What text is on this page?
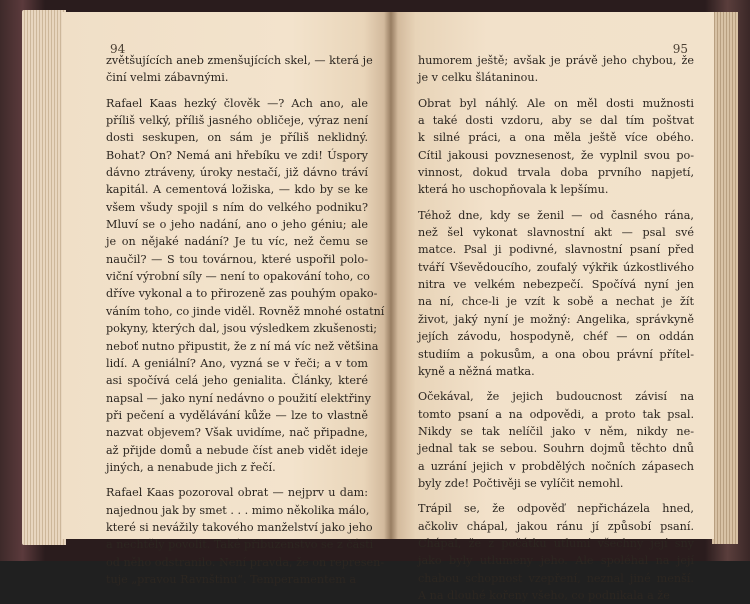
94

zvětšujících aneb zmenšujících skel, — která je
činí velmi zábavnými.

Rafael Kaas hezký člověk —? Ach ano, ale
příliš velký, příliš jasného obličeje, výraz není
dosti seskupen, on sám je příliš neklidný.
Bohat? On? Nemá ani hřebíku ve zdi! Úspory
dávno ztráveny, úroky nestačí, již dávno tráví
kapitál. A cementová ložiska, — kdo by se ke
všem všudy spojil s ním do velkého podniku?
Mluví se o jeho nadání, ano o jeho géniu; ale
je on nějaké nadání? Je tu víc, než čemu se
naučil? — S tou továrnou, které uspořil polo-
viční výrobní síly — není to opakování toho, co
dříve vykonal a to přirozeně zas pouhým opako-
váním toho, co jinde viděl. Rovněž mnohé ostatní
pokyny, kterých dal, jsou výsledkem zkušenosti;
neboť nutno připustit, že z ní má víc než většina
lidí. A geniální? Ano, vyzná se v řeči; a v tom
asi spočívá celá jeho genialita. Články, které
napsal — jako nyní nedávno o použití elektřiny
při pečení a vydělávání kůže — lze to vlastně
nazvat objevem? Však uvidíme, nač připadne,
až přijde domů a nebude číst aneb vidět ideje
jiných, a nenabude jich z řečí.

Rafael Kaas pozoroval obrat — nejprv u dam:
najednou jak by smet . . . mimo několika málo,
které si nevážily takového manželství jako jeho
a nechtěly povolit. Také příbuzenstvo se z části
od něho odstranilo. Není pravda, že on represen-
tuje „pravou Ravnštinu“. Temperamentem a

95

humorem ještě; avšak je právě jeho chybou, že
je v celku šlátaninou.

Obrat byl náhlý. Ale on měl dosti mužnosti
a také dosti vzdoru, aby se dal tím poštvat
k silné práci, a ona měla ještě více obého.
Cítil jakousi povznesenost, že vyplnil svou po-
vinnost, dokud trvala doba prvního napjetí,
která ho uschopňovala k lepšímu.

Téhož dne, kdy se ženil — od časného rána,
než šel vykonat slavnostní akt — psal své
matce. Psal ji podivné, slavnostní psaní před
tváří Vševědoucího, zoufalý výkřik úzkostlivého
nitra ve velkém nebezpečí. Spočívá nyní jen
na ní, chce-li je vzít k sobě a nechat je žít
život, jaký nyní je možný: Angelika, správkyně
jejích závodu, hospodyně, chéf — on oddán
studiím a pokusům, a ona obou právní přítel-
kyně a něžná matka.

Očekával, že jejich budoucnost závisí na
tomto psaní a na odpovědi, a proto tak psal.
Nikdy se tak nelíčil jako v něm, nikdy ne-
jednal tak se sebou. Souhrn dojmů těchto dnů
a uzrání jejich v probdělých nočních zápasech
byly zde! Počtivěji se vylíčit nemohl.

Trápil se, že odpověď nepřicházela hned,
ačkoliv chápal, jakou ránu jí způsobí psaní.
Chápal, že z počátku utlumí všechny její sny
jako byly utlumeny jeho. Ale spoléhal na její
chabou schopnost vzepření, neznal jiné menší.
A na dlouhé kořeny všeho, co podnikala a že
